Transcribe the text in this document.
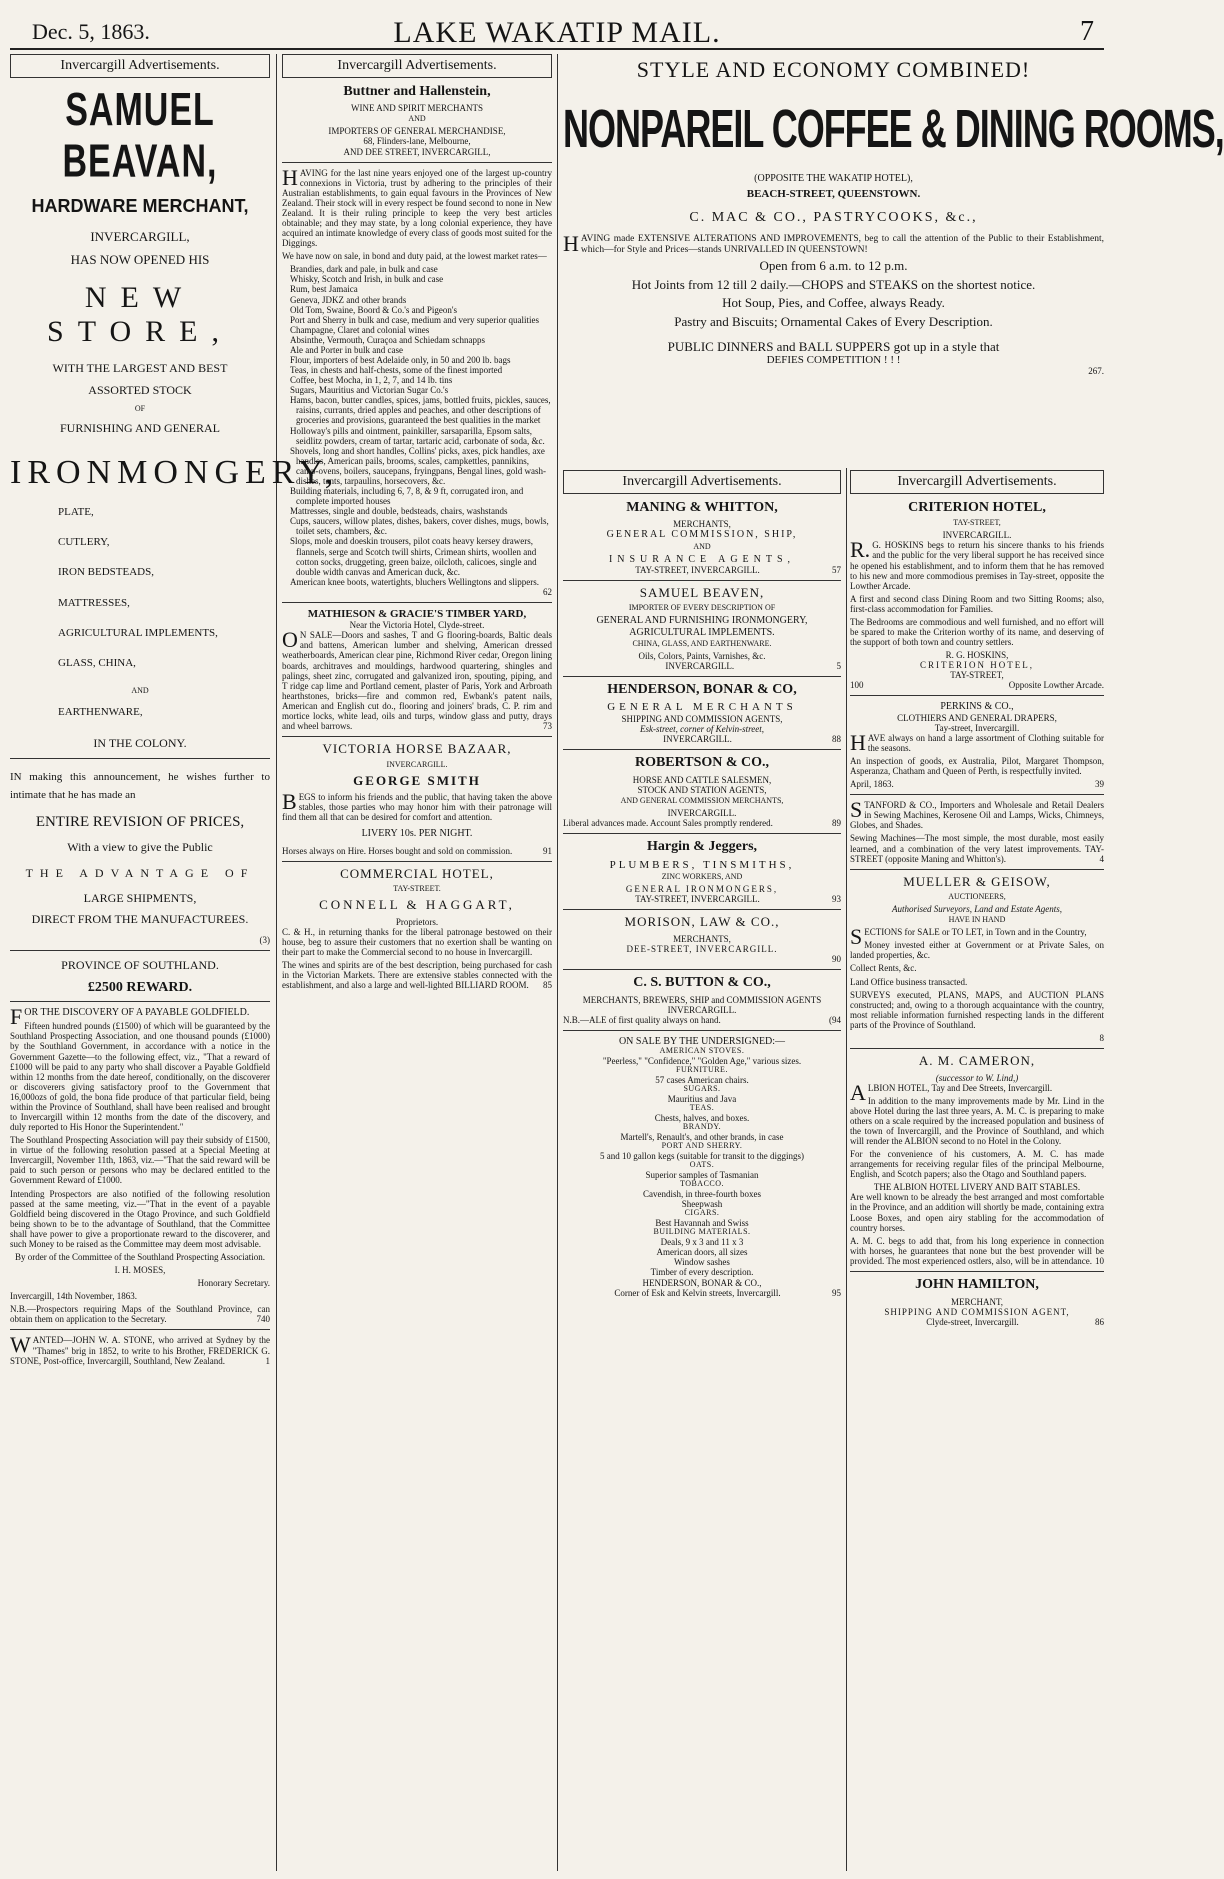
Dec. 5, 1863.	LAKE WAKATIP MAIL.	7
Invercargill Advertisements.
SAMUEL BEAVAN,
HARDWARE MERCHANT,
INVERCARGILL,
HAS NOW OPENED HIS
NEW STORE,
WITH THE LARGEST AND BEST
ASSORTED STOCK
OF
FURNISHING AND GENERAL
IRONMONGERY,
PLATE,
CUTLERY,
IRON BEDSTEADS,
MATTRESSES,
AGRICULTURAL IMPLEMENTS,
GLASS, CHINA,
AND
EARTHENWARE,
IN THE COLONY.

IN making this announcement, he wishes further to intimate that he has made an

ENTIRE REVISION OF PRICES,
With a view to give the Public
THE ADVANTAGE OF
LARGE SHIPMENTS,
DIRECT FROM THE MANUFACTUREES.
(3)
PROVINCE OF SOUTHLAND.
£2500 REWARD.

FOR THE DISCOVERY OF A PAYABLE GOLDFIELD.

Fifteen hundred pounds (£1500) of which will be guaranteed by the Southland Prospecting Association, and one thousand pounds (£1000) by the Southland Government, in accordance with a notice in the Government Gazette—to the following effect, viz., "That a reward of £1000 will be paid to any party who shall discover a Payable Goldfield within 12 months from the date hereof, conditionally, on the discoverer or discoverers giving satisfactory proof to the Government that 16,000ozs of gold, the bona fide produce of that particular field, being within the Province of Southland, shall have been realised and brought to Invercargill within 12 months from the date of the discovery, and duly reported to His Honor the Superintendent."

The Southland Prospecting Association will pay their subsidy of £1500, in virtue of the following resolution passed at a Special Meeting at Invercargill, November 11th, 1863, viz.—"That the said reward will be paid to such person or persons who may be declared entitled to the Government Reward of £1000.

Intending Prospectors are also notified of the following resolution passed at the same meeting, viz.—"That in the event of a payable Goldfield being discovered in the Otago Province, and such Goldfield being shown to be to the advantage of Southland, that the Committee shall have power to give a proportionate reward to the discoverer, and such Money to be raised as the Committee may deem most advisable.

By order of the Committee of the Southland Prospecting Association.

I. H. MOSES,

Honorary Secretary.

Invercargill, 14th November, 1863.

N.B.—Prospectors requiring Maps of the Southland Province, can obtain them on application to the Secretary.	740

WANTED—JOHN W. A. STONE, who arrived at Sydney by the "Thames" brig in 1852, to write to his Brother, FREDERICK G. STONE, Post-office, Invercargill, Southland, New Zealand.	1

Invercargill Advertisements.
Buttner and Hallenstein,
WINE AND SPIRIT MERCHANTS
AND
IMPORTERS OF GENERAL MERCHANDISE,
68, Flinders-lane, Melbourne,
AND DEE STREET, INVERCARGILL,

HAVING for the last nine years enjoyed one of the largest up-country connexions in Victoria, trust by adhering to the principles of their Australian establishments, to gain equal favours in the Provinces of New Zealand. Their stock will in every respect be found second to none in New Zealand. It is their ruling principle to keep the very best articles obtainable; and they may state, by a long colonial experience, they have acquired an intimate knowledge of every class of goods most suited for the Diggings.

We have now on sale, in bond and duty paid, at the lowest market rates—

Brandies, dark and pale, in bulk and case
Whisky, Scotch and Irish, in bulk and case
Rum, best Jamaica
Geneva, JDKZ and other brands
Old Tom, Swaine, Boord & Co.'s and Pigeon's
Port and Sherry in bulk and case, medium and very superior qualities
Champagne, Claret and colonial wines
Absinthe, Vermouth, Curaçoa and Schiedam schnapps
Ale and Porter in bulk and case
Flour, importers of best Adelaide only, in 50 and 200 lb. bags
Teas, in chests and half-chests, some of the finest imported
Coffee, best Mocha, in 1, 2, 7, and 14 lb. tins
Sugars, Mauritius and Victorian Sugar Co.'s
Hams, bacon, butter candles, spices, jams, bottled fruits, pickles, sauces, raisins, currants, dried apples and peaches, and other descriptions of groceries and provisions, guaranteed the best qualities in the market
Holloway's pills and ointment, painkiller, sarsaparilla, Epsom salts, seidlitz powders, cream of tartar, tartaric acid, carbonate of soda, &c.
Shovels, long and short handles, Collins' picks, axes, pick handles, axe handles, American pails, brooms, scales, campkettles, pannikins, camp-ovens, boilers, saucepans, fryingpans, Bengal lines, gold wash-dishes, tents, tarpaulins, horsecovers, &c.
Building materials, including 6, 7, 8, & 9 ft, corrugated iron, and complete imported houses
Mattresses, single and double, bedsteads, chairs, washstands
Cups, saucers, willow plates, dishes, bakers, cover dishes, mugs, bowls, toilet sets, chambers, &c.
Slops, mole and doeskin trousers, pilot coats heavy kersey drawers, flannels, serge and Scotch twill shirts, Crimean shirts, woollen and cotton socks, druggeting, green baize, oilcloth, calicoes, single and double width canvas and American duck, &c.
American knee boots, watertights, bluchers Wellingtons and slippers.
62
MATHIESON & GRACIE'S TIMBER YARD,
Near the Victoria Hotel, Clyde-street.

ON SALE—Doors and sashes, T and G flooring-boards, Baltic deals and battens, American lumber and shelving, American dressed weatherboards, American clear pine, Richmond River cedar, Oregon lining boards, architraves and mouldings, hardwood quartering, shingles and palings, sheet zinc, corrugated and galvanized iron, spouting, piping, and T ridge cap lime and Portland cement, plaster of Paris, York and Arbroath hearthstones, bricks—fire and common red, Ewbank's patent nails, American and English cut do., flooring and joiners' brads, C. P. rim and mortice locks, white lead, oils and turps, window glass and putty, drays and wheel barrows.	73

VICTORIA HORSE BAZAAR,
INVERCARGILL.
GEORGE SMITH

BEGS to inform his friends and the public, that having taken the above stables, those parties who may honor him with their patronage will find them all that can be desired for comfort and attention.

LIVERY 10s. PER NIGHT.

Horses always on Hire. Horses bought and sold on commission.	91

COMMERCIAL HOTEL,
TAY-STREET.
CONNELL & HAGGART,
Proprietors.

C. & H., in returning thanks for the liberal patronage bestowed on their house, beg to assure their customers that no exertion shall be wanting on their part to make the Commercial second to no house in Invercargill.

The wines and spirits are of the best description, being purchased for cash in the Victorian Markets. There are extensive stables connected with the establishment, and also a large and well-lighted BILLIARD ROOM. 85

STYLE AND ECONOMY COMBINED!
NONPAREIL COFFEE & DINING ROOMS,
(OPPOSITE THE WAKATIP HOTEL),
BEACH-STREET, QUEENSTOWN.
C. MAC & CO., PASTRYCOOKS, &c.,

HAVING made EXTENSIVE ALTERATIONS AND IMPROVEMENTS, beg to call the attention of the Public to their Establishment, which—for Style and Prices—stands UNRIVALLED IN QUEENSTOWN!

Open from 6 a.m. to 12 p.m.
Hot Joints from 12 till 2 daily.—CHOPS and STEAKS on the shortest notice.
Hot Soup, Pies, and Coffee, always Ready.
Pastry and Biscuits; Ornamental Cakes of Every Description.
PUBLIC DINNERS and BALL SUPPERS got up in a style that
DEFIES COMPETITION ! ! !
267.
Invercargill Advertisements.
MANING & WHITTON,
MERCHANTS,
GENERAL COMMISSION, SHIP,
AND
INSURANCE AGENTS,
TAY-STREET, INVERCARGILL.	57
SAMUEL BEAVEN,
IMPORTER OF EVERY DESCRIPTION OF
GENERAL AND FURNISHING IRONMONGERY, AGRICULTURAL IMPLEMENTS.
CHINA, GLASS, AND EARTHENWARE.
Oils, Colors, Paints, Varnishes, &c.
INVERCARGILL.	5
HENDERSON, BONAR & CO,
GENERAL MERCHANTS
SHIPPING AND COMMISSION AGENTS,
Esk-street, corner of Kelvin-street,
INVERCARGILL.	88
ROBERTSON & CO.,
HORSE AND CATTLE SALESMEN,
STOCK AND STATION AGENTS,
AND GENERAL COMMISSION MERCHANTS,
INVERCARGILL.

Liberal advances made. Account Sales promptly rendered.	89

Hargin & Jeggers,
PLUMBERS, TINSMITHS,
ZINC WORKERS, AND
GENERAL IRONMONGERS,
TAY-STREET, INVERCARGILL.	93
MORISON, LAW & CO.,
MERCHANTS,
DEE-STREET, INVERCARGILL.
90
C. S. BUTTON & CO.,
MERCHANTS, BREWERS, SHIP and COMMISSION AGENTS
INVERCARGILL.

N.B.—ALE of first quality always on hand.	(94

ON SALE BY THE UNDERSIGNED:—
AMERICAN STOVES.
"Peerless," "Confidence," "Golden Age," various sizes.
FURNITURE.
57 cases American chairs.
SUGARS.
Mauritius and Java
TEAS.
Chests, halves, and boxes.
BRANDY.
Martell's, Renault's, and other brands, in case
PORT AND SHERRY.
5 and 10 gallon kegs (suitable for transit to the diggings)
OATS.
Superior samples of Tasmanian
TOBACCO.
Cavendish, in three-fourth boxes
Sheepwash
CIGARS.
Best Havannah and Swiss
BUILDING MATERIALS.
Deals, 9 x 3 and 11 x 3
American doors, all sizes
Window sashes
Timber of every description.
HENDERSON, BONAR & CO.,
Corner of Esk and Kelvin streets, Invercargill.	95
Invercargill Advertisements.
CRITERION HOTEL,
TAY-STREET,
INVERCARGILL.

R.G. HOSKINS begs to return his sincere thanks to his friends and the public for the very liberal support he has received since he opened his establishment, and to inform them that he has removed to his new and more commodious premises in Tay-street, opposite the Lowther Arcade.

A first and second class Dining Room and two Sitting Rooms; also, first-class accommodation for Families.

The Bedrooms are commodious and well furnished, and no effort will be spared to make the Criterion worthy of its name, and deserving of the support of both town and country settlers.

R. G. HOSKINS,
CRITERION HOTEL,
TAY-STREET,
100	Opposite Lowther Arcade.
PERKINS & CO.,
CLOTHIERS AND GENERAL DRAPERS,
Tay-street, Invercargill.

HAVE always on hand a large assortment of Clothing suitable for the seasons.

An inspection of goods, ex Australia, Pilot, Margaret Thompson, Asperanza, Chatham and Queen of Perth, is respectfully invited.

April, 1863.	39

STANFORD & CO., Importers and Wholesale and Retail Dealers in Sewing Machines, Kerosene Oil and Lamps, Wicks, Chimneys, Globes, and Shades.

Sewing Machines—The most simple, the most durable, most easily learned, and a combination of the very latest improvements. TAY-STREET (opposite Maning and Whitton's).	4

MUELLER & GEISOW,
AUCTIONEERS,
Authorised Surveyors, Land and Estate Agents,
HAVE IN HAND

SECTIONS for SALE or TO LET, in Town and in the Country,

Money invested either at Government or at Private Sales, on landed properties, &c.

Collect Rents, &c.

Land Office business transacted.

SURVEYS executed, PLANS, MAPS, and AUCTION PLANS constructed; and, owing to a thorough acquaintance with the country, most reliable information furnished respecting lands in the different parts of the Province of Southland.

8
A. M. CAMERON,
(successor to W. Lind,)

ALBION HOTEL, Tay and Dee Streets, Invercargill.

In addition to the many improvements made by Mr. Lind in the above Hotel during the last three years, A. M. C. is preparing to make others on a scale required by the increased population and business of the town of Invercargill, and the Province of Southland, and which will render the ALBION second to no Hotel in the Colony.

For the convenience of his customers, A. M. C. has made arrangements for receiving regular files of the principal Melbourne, English, and Scotch papers; also the Otago and Southland papers.

THE ALBION HOTEL LIVERY AND BAIT STABLES.

Are well known to be already the best arranged and most comfortable in the Province, and an addition will shortly be made, containing extra Loose Boxes, and open airy stabling for the accommodation of country horses.

A. M. C. begs to add that, from his long experience in connection with horses, he guarantees that none but the best provender will be provided. The most experienced ostlers, also, will be in attendance. 10

JOHN HAMILTON,
MERCHANT,
SHIPPING AND COMMISSION AGENT,
Clyde-street, Invercargill.	86
